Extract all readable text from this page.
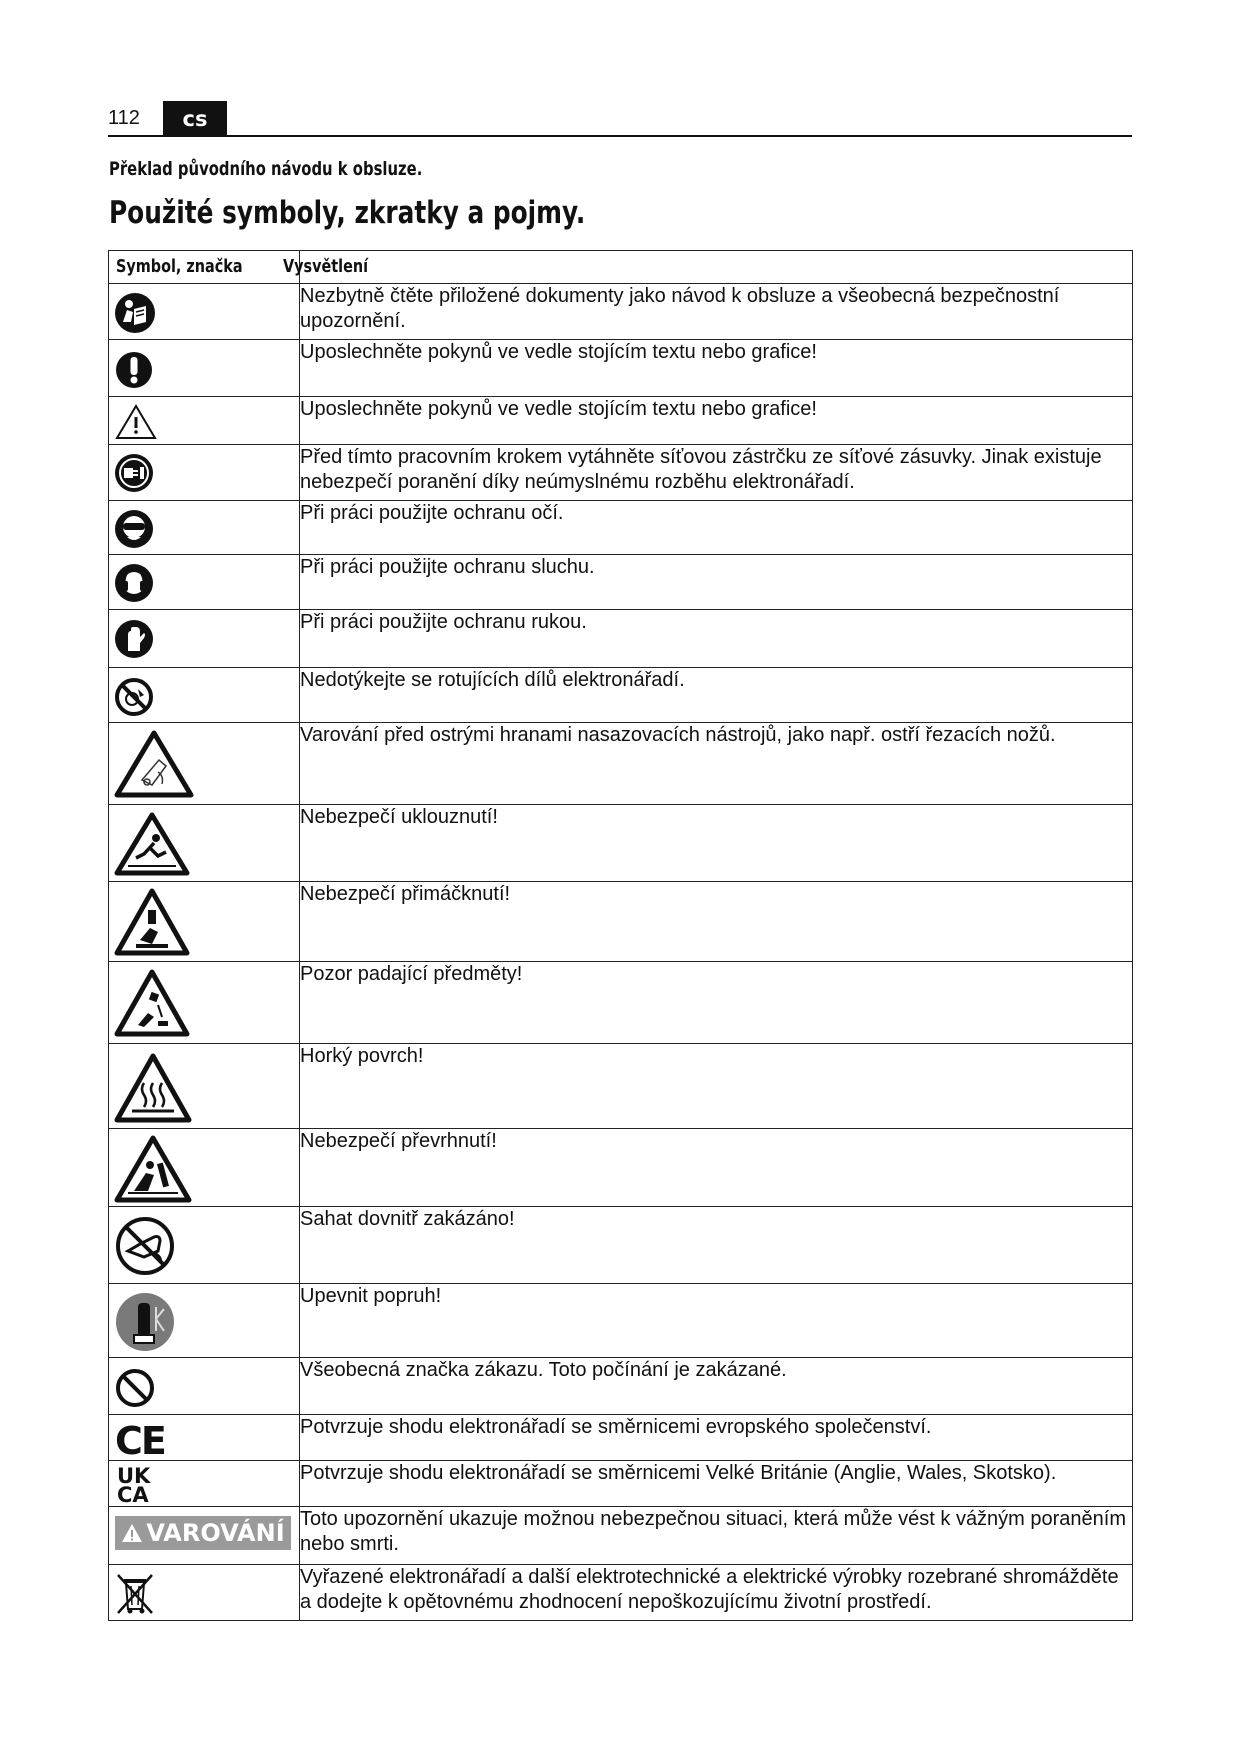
112	cs
Překlad původního návodu k obsluze.
Použité symboly, zkratky a pojmy.
Symbol, značka	Vysvětlení

	Nezbytně čtěte přiložené dokumenty jako návod k obsluze a všeobecná bezpečnostní upozornění.

	Uposlechněte pokynů ve vedle stojícím textu nebo grafice!

	Uposlechněte pokynů ve vedle stojícím textu nebo grafice!

	Před tímto pracovním krokem vytáhněte síťovou zástrčku ze síťové zásuvky. Jinak existuje nebezpečí poranění díky neúmyslnému rozběhu elektronářadí.

	Při práci použijte ochranu očí.

	Při práci použijte ochranu sluchu.

	Při práci použijte ochranu rukou.

	Nedotýkejte se rotujících dílů elektronářadí.

	Varování před ostrými hranami nasazovacích nástrojů, jako např. ostří řezacích nožů.

	Nebezpečí uklouznutí!

	Nebezpečí přimáčknutí!

	Pozor padající předměty!

	Horký povrch!

	Nebezpečí převrhnutí!

	Sahat dovnitř zakázáno!

	Upevnit popruh!

	Všeobecná značka zákazu. Toto počínání je zakázané.

CE	Potvrzuje shodu elektronářadí se směrnicemi evropského společenství.

UK
CA	Potvrzuje shodu elektronářadí se směrnicemi Velké Británie (Anglie, Wales, Skotsko).

VAROVÁNÍ	Toto upozornění ukazuje možnou nebezpečnou situaci, která může vést k vážným poraněním nebo smrti.

	Vyřazené elektronářadí a další elektrotechnické a elektrické výrobky rozebrané shromážděte a dodejte k opětovnému zhodnocení nepoškozujícímu životní prostředí.
